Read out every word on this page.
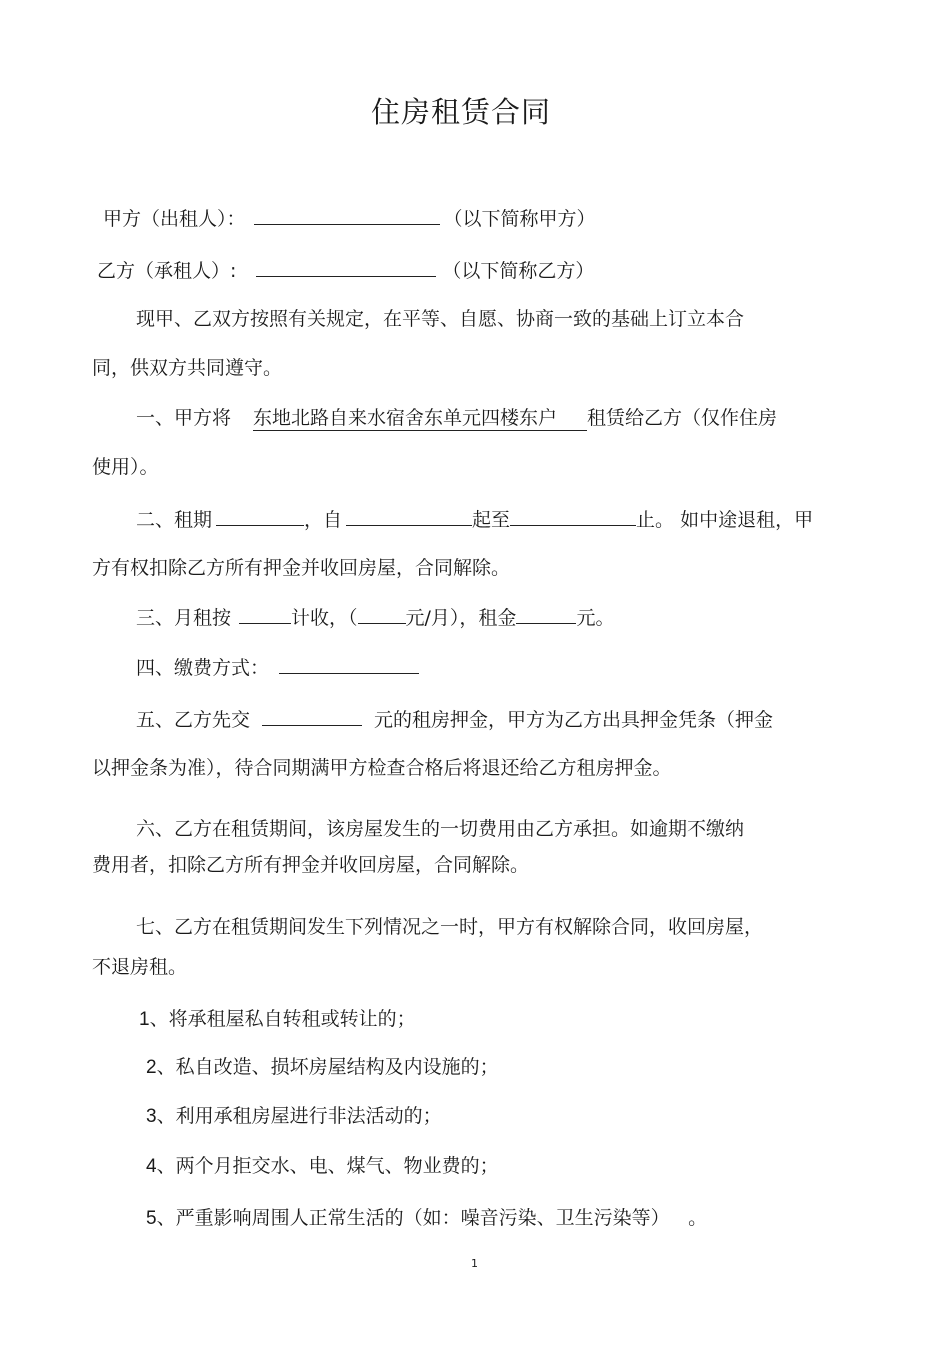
住房租赁合同
甲方（出租人）：	（以下简称甲方）
乙方（承租人）:	（以下简称乙方）
现甲、乙双方按照有关规定，在平等、自愿、协商一致的基础上订立本合
同，供双方共同遵守。
一、甲方将 东地北路自来水宿舍东单元四楼东户 租赁给乙方（仅作住房
使用）。
二、租期	，自	起至	止。 如中途退租，甲
方有权扣除乙方所有押金并收回房屋，合同解除。
三、月租按	计收，（	元/月），租金	元。
四、缴费方式：
五、乙方先交	元的租房押金，甲方为乙方出具押金凭条（押金
以押金条为准），待合同期满甲方检查合格后将退还给乙方租房押金。
六、乙方在租赁期间，该房屋发生的一切费用由乙方承担。如逾期不缴纳
费用者，扣除乙方所有押金并收回房屋，合同解除。
七、乙方在租赁期间发生下列情况之一时，甲方有权解除合同，收回房屋，
不退房租。
1、将承租屋私自转租或转让的；
2、私自改造、损坏房屋结构及内设施的；
3、利用承租房屋进行非法活动的；
4、两个月拒交水、电、煤气、物业费的；
5、严重影响周围人正常生活的（如：噪音污染、卫生污染等） 。
1
